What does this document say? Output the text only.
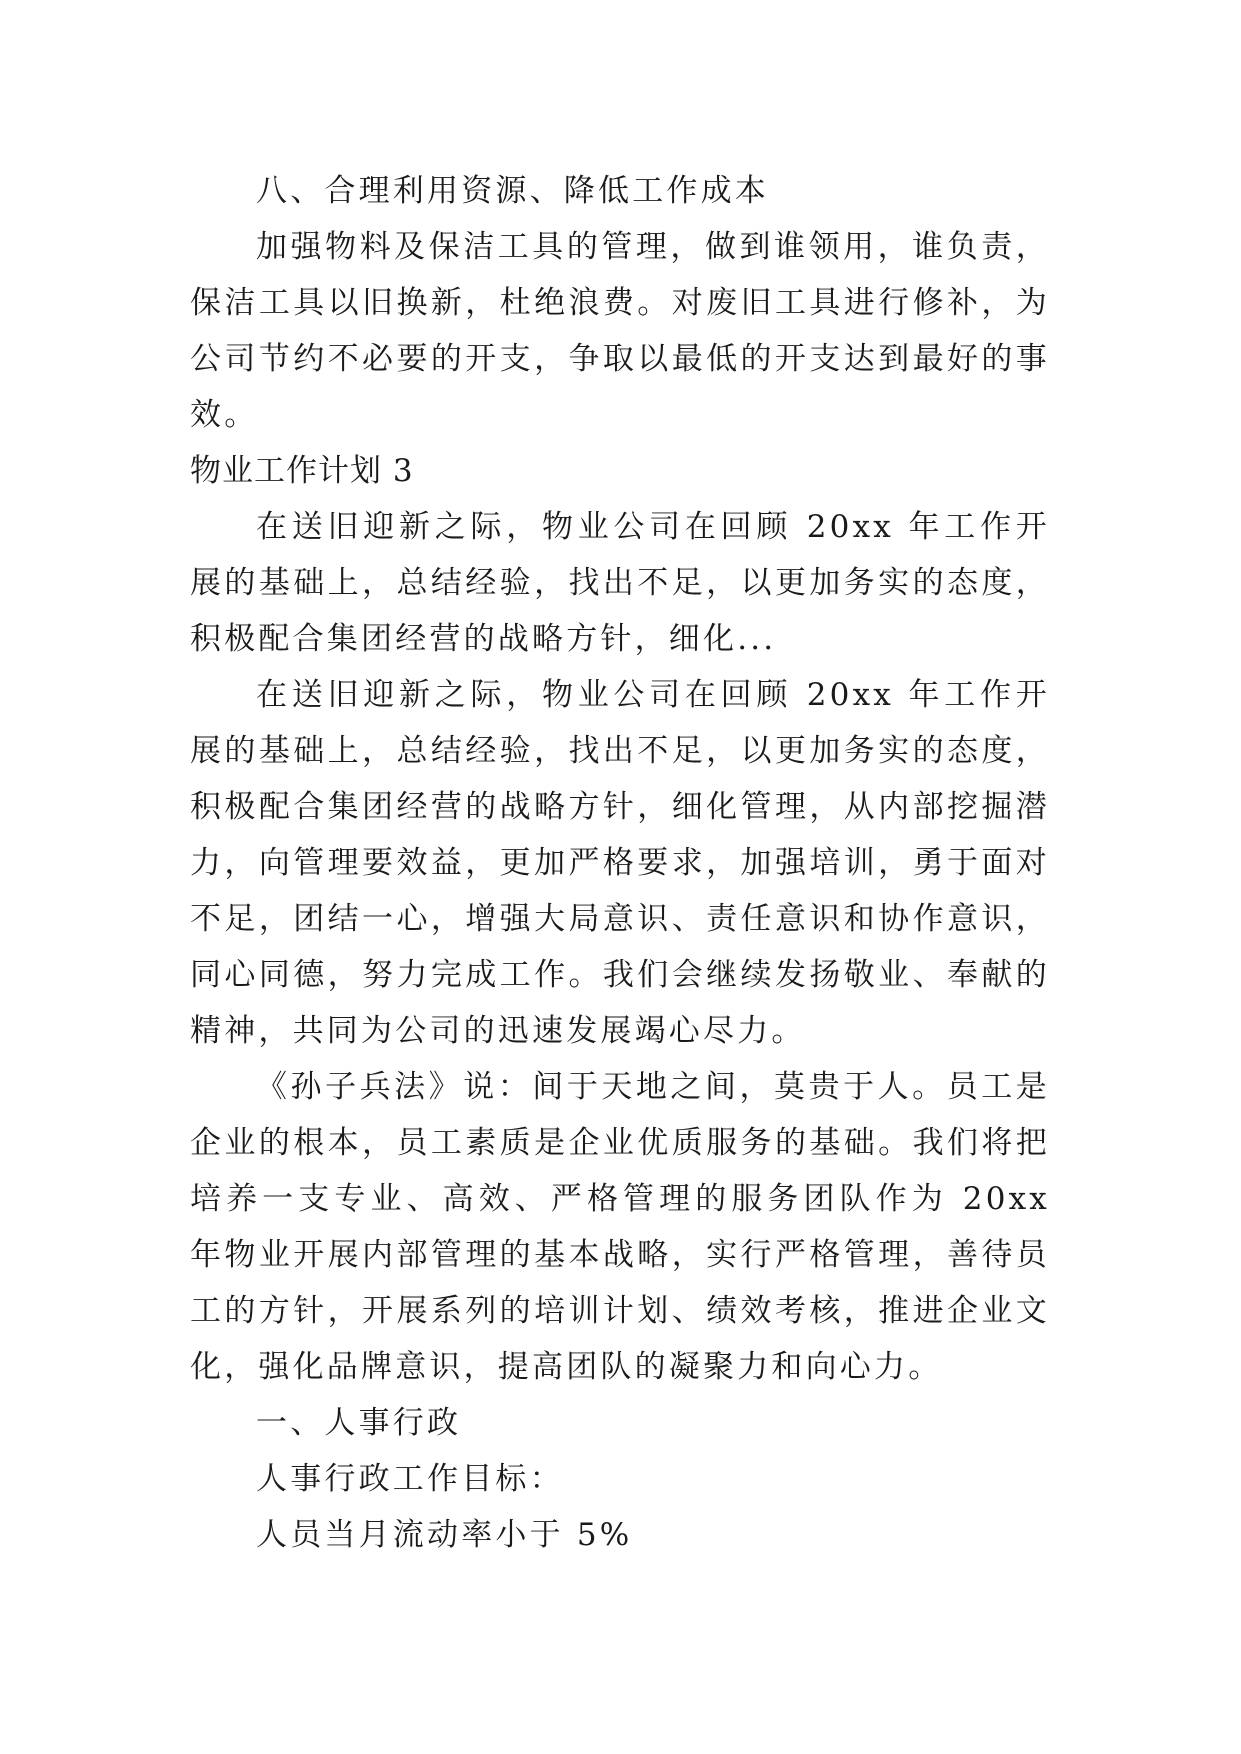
八、合理利用资源、降低工作成本

加强物料及保洁工具的管理，做到谁领用，谁负责，保洁工具以旧换新，杜绝浪费。对废旧工具进行修补，为公司节约不必要的开支，争取以最低的开支达到最好的事效。

物业工作计划 3

在送旧迎新之际，物业公司在回顾 20xx 年工作开展的基础上，总结经验，找出不足，以更加务实的态度，积极配合集团经营的战略方针，细化...

在送旧迎新之际，物业公司在回顾 20xx 年工作开展的基础上，总结经验，找出不足，以更加务实的态度，积极配合集团经营的战略方针，细化管理，从内部挖掘潜力，向管理要效益，更加严格要求，加强培训，勇于面对不足，团结一心，增强大局意识、责任意识和协作意识，同心同德，努力完成工作。我们会继续发扬敬业、奉献的精神，共同为公司的迅速发展竭心尽力。

《孙子兵法》说：间于天地之间，莫贵于人。员工是企业的根本，员工素质是企业优质服务的基础。我们将把培养一支专业、高效、严格管理的服务团队作为 20xx 年物业开展内部管理的基本战略，实行严格管理，善待员工的方针，开展系列的培训计划、绩效考核，推进企业文化，强化品牌意识，提高团队的凝聚力和向心力。

一、人事行政

人事行政工作目标：

人员当月流动率小于 5%
